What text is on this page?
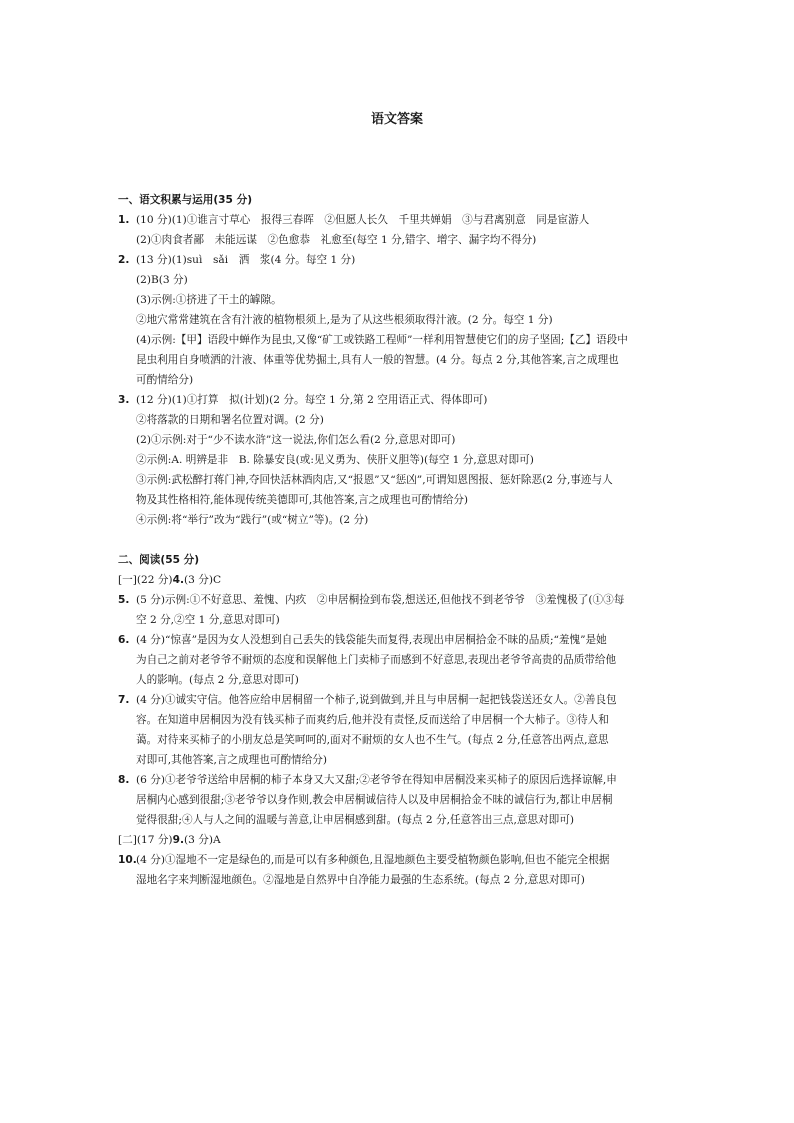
语文答案
一、语文积累与运用(35 分)
1. (10 分)(1)①谁言寸草心　报得三春晖　②但愿人长久　千里共婵娟　③与君离别意　同是宦游人
(2)①肉食者鄙　未能远谋　②色愈恭　礼愈至(每空 1 分,错字、增字、漏字均不得分)
2. (13 分)(1)suì　sǎi　洒　浆(4 分。每空 1 分)
(2)B(3 分)
(3)示例:①挤进了干土的罅隙。
②地穴常常建筑在含有汁液的植物根须上,是为了从这些根须取得汁液。(2 分。每空 1 分)
(4)示例:【甲】语段中蝉作为昆虫,又像“矿工或铁路工程师”一样利用智慧使它们的房子坚固;【乙】语段中
昆虫利用自身喷洒的汁液、体重等优势掘土,具有人一般的智慧。(4 分。每点 2 分,其他答案,言之成理也
可酌情给分)
3. (12 分)(1)①打算　拟(计划)(2 分。每空 1 分,第 2 空用语正式、得体即可)
②将落款的日期和署名位置对调。(2 分)
(2)①示例:对于“少不读水浒”这一说法,你们怎么看(2 分,意思对即可)
②示例:A. 明辨是非　B. 除暴安良(或:见义勇为、侠肝义胆等)(每空 1 分,意思对即可)
③示例:武松醉打蒋门神,夺回快活林酒肉店,又“报恩”又“惩凶”,可谓知恩图报、惩奸除恶(2 分,事迹与人
物及其性格相符,能体现传统美德即可,其他答案,言之成理也可酌情给分)
④示例:将“举行”改为“践行”(或“树立”等)。(2 分)
二、阅读(55 分)
[一](22 分) 4. (3 分)C
5. (5 分)示例:①不好意思、羞愧、内疚　②申居桐捡到布袋,想送还,但他找不到老爷爷　③羞愧极了(①③每
空 2 分,②空 1 分,意思对即可)
6. (4 分)“惊喜”是因为女人没想到自己丢失的钱袋能失而复得,表现出申居桐拾金不昧的品质;“羞愧”是她
为自己之前对老爷爷不耐烦的态度和误解他上门卖柿子而感到不好意思,表现出老爷爷高贵的品质带给他
人的影响。(每点 2 分,意思对即可)
7. (4 分)①诚实守信。他答应给申居桐留一个柿子,说到做到,并且与申居桐一起把钱袋送还女人。②善良包
容。在知道申居桐因为没有钱买柿子而爽约后,他并没有责怪,反而送给了申居桐一个大柿子。③待人和
蔼。对待来买柿子的小朋友总是笑呵呵的,面对不耐烦的女人也不生气。(每点 2 分,任意答出两点,意思
对即可,其他答案,言之成理也可酌情给分)
8. (6 分)①老爷爷送给申居桐的柿子本身又大又甜;②老爷爷在得知申居桐没来买柿子的原因后选择谅解,申
居桐内心感到很甜;③老爷爷以身作则,教会申居桐诚信待人以及申居桐拾金不昧的诚信行为,都让申居桐
觉得很甜;④人与人之间的温暖与善意,让申居桐感到甜。(每点 2 分,任意答出三点,意思对即可)
[二](17 分) 9. (3 分)A
10. (4 分)①湿地不一定是绿色的,而是可以有多种颜色,且湿地颜色主要受植物颜色影响,但也不能完全根据
湿地名字来判断湿地颜色。②湿地是自然界中自净能力最强的生态系统。(每点 2 分,意思对即可)
